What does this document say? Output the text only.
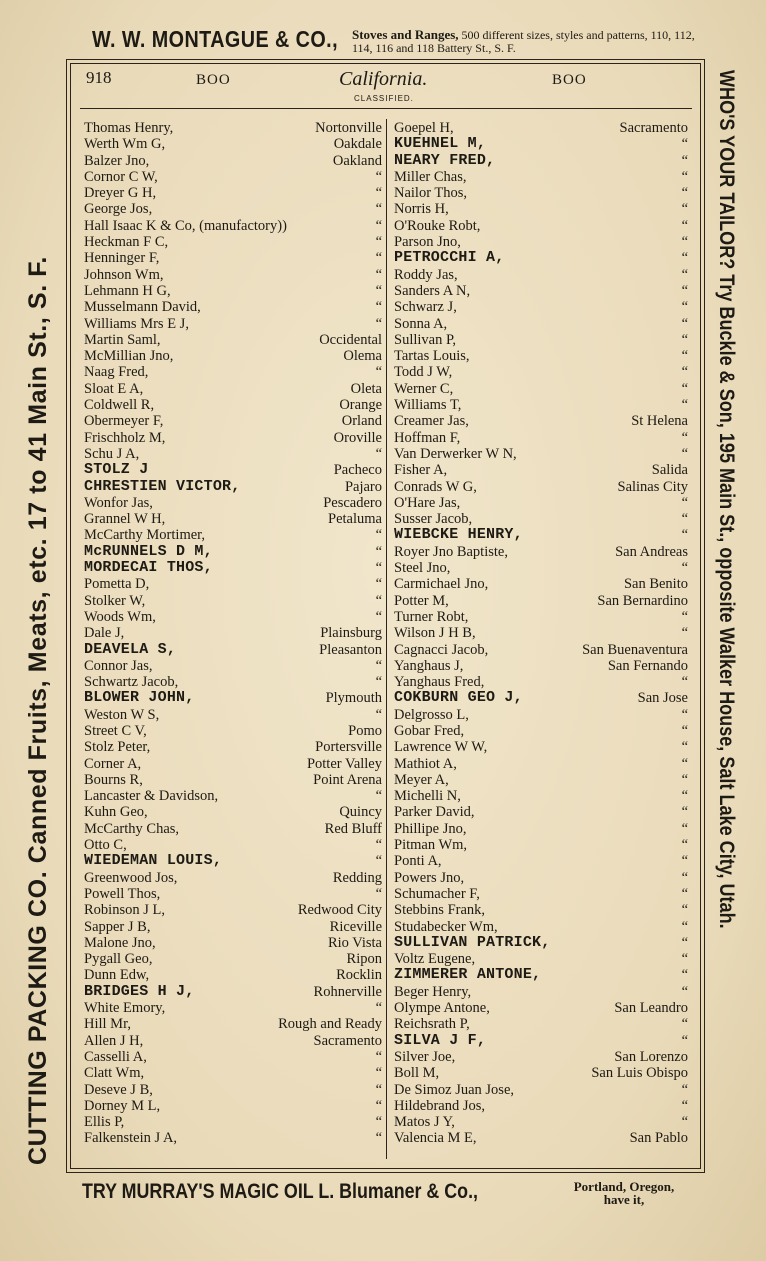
W. W. MONTAGUE & CO., Stoves and Ranges, 500 different sizes, styles and patterns, 110, 112, 114, 116 and 118 Battery St., S. F.
918	BOO	California.
CLASSIFIED.
BOO
Thomas Henry,	Nortonville
Werth Wm G,	Oakdale
Balzer Jno,	Oakland
Cornor C W,	“
Dreyer G H,	“
George Jos,	“
Hall Isaac K & Co, (manufactory))	“
Heckman F C,	“
Henninger F,	“
Johnson Wm,	“
Lehmann H G,	“
Musselmann David,	“
Williams Mrs E J,	“
Martin Saml,	Occidental
McMillian Jno,	Olema
Naag Fred,	“
Sloat E A,	Oleta
Coldwell R,	Orange
Obermeyer F,	Orland
Frischholz M,	Oroville
Schu J A,	“
STOLZ J	Pacheco
CHRESTIEN VICTOR,	Pajaro
Wonfor Jas,	Pescadero
Grannel W H,	Petaluma
McCarthy Mortimer,	“
McRUNNELS D M,	“
MORDECAI THOS,	“
Pometta D,	“
Stolker W,	“
Woods Wm,	“
Dale J,	Plainsburg
DEAVELA S,	Pleasanton
Connor Jas,	“
Schwartz Jacob,	“
BLOWER JOHN,	Plymouth
Weston W S,	“
Street C V,	Pomo
Stolz Peter,	Portersville
Corner A,	Potter Valley
Bourns R,	Point Arena
Lancaster & Davidson,	“
Kuhn Geo,	Quincy
McCarthy Chas,	Red Bluff
Otto C,	“
WIEDEMAN LOUIS,	“
Greenwood Jos,	Redding
Powell Thos,	“
Robinson J L,	Redwood City
Sapper J B,	Riceville
Malone Jno,	Rio Vista
Pygall Geo,	Ripon
Dunn Edw,	Rocklin
BRIDGES H J,	Rohnerville
White Emory,	“
Hill Mr,	Rough and Ready
Allen J H,	Sacramento
Casselli A,	“
Clatt Wm,	“
Deseve J B,	“
Dorney M L,	“
Ellis P,	“
Falkenstein J A,	“
Goepel H,	Sacramento
KUEHNEL M,	“
NEARY FRED,	“
Miller Chas,	“
Nailor Thos,	“
Norris H,	“
O'Rouke Robt,	“
Parson Jno,	“
PETROCCHI A,	“
Roddy Jas,	“
Sanders A N,	“
Schwarz J,	“
Sonna A,	“
Sullivan P,	“
Tartas Louis,	“
Todd J W,	“
Werner C,	“
Williams T,	“
Creamer Jas,	St Helena
Hoffman F,	“
Van Derwerker W N,	“
Fisher A,	Salida
Conrads W G,	Salinas City
O'Hare Jas,	“
Susser Jacob,	“
WIEBCKE HENRY,	“
Royer Jno Baptiste,	San Andreas
Steel Jno,	“
Carmichael Jno,	San Benito
Potter M,	San Bernardino
Turner Robt,	“
Wilson J H B,	“
Cagnacci Jacob,	San Buenaventura
Yanghaus J,	San Fernando
Yanghaus Fred,	“
COKBURN GEO J,	San Jose
Delgrosso L,	“
Gobar Fred,	“
Lawrence W W,	“
Mathiot A,	“
Meyer A,	“
Michelli N,	“
Parker David,	“
Phillipe Jno,	“
Pitman Wm,	“
Ponti A,	“
Powers Jno,	“
Schumacher F,	“
Stebbins Frank,	“
Studabecker Wm,	“
SULLIVAN PATRICK,	“
Voltz Eugene,	“
ZIMMERER ANTONE,	“
Beger Henry,	“
Olympe Antone,	San Leandro
Reichsrath P,	“
SILVA J F,	“
Silver Joe,	San Lorenzo
Boll M,	San Luis Obispo
De Simoz Juan Jose,	“
Hildebrand Jos,	“
Matos J Y,	“
Valencia M E,	San Pablo
CUTTING PACKING CO. Canned Fruits, Meats, etc. 17 to 41 Main St., S. F.	WHO'S YOUR TAILOR? Try Buckle & Son, 195 Main St., opposite Walker House, Salt Lake City, Utah.
TRY MURRAY'S MAGIC OIL L. Blumaner & Co.,	Portland, Oregon, have it,
